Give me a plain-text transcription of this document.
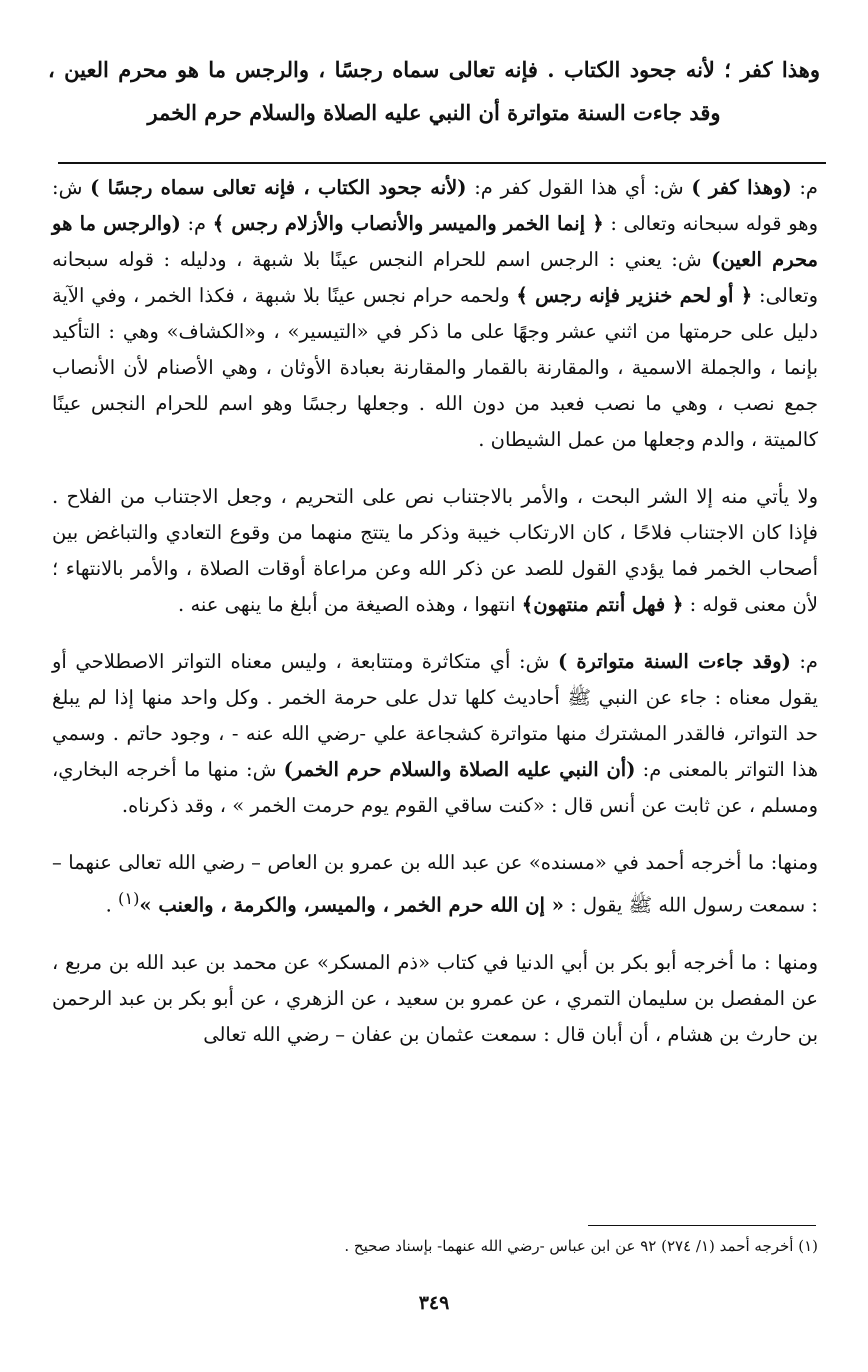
وهذا كفر ؛ لأنه جحود الكتاب . فإنه تعالى سماه رجسًا ، والرجس ما هو محرم العين ، وقد جاءت السنة متواترة أن النبي عليه الصلاة والسلام حرم الخمر

م: (وهذا كفر ) ش: أي هذا القول كفر م: (لأنه جحود الكتاب ، فإنه تعالى سماه رجسًا ) ش: وهو قوله سبحانه وتعالى : ﴿ إنما الخمر والميسر والأنصاب والأزلام رجس ﴾ م: (والرجس ما هو محرم العين) ش: يعني : الرجس اسم للحرام النجس عينًا بلا شبهة ، ودليله : قوله سبحانه وتعالى: ﴿ أو لحم خنزير فإنه رجس ﴾ ولحمه حرام نجس عينًا بلا شبهة ، فكذا الخمر ، وفي الآية دليل على حرمتها من اثني عشر وجهًا على ما ذكر في «التيسير» ، و«الكشاف» وهي : التأكيد بإنما ، والجملة الاسمية ، والمقارنة بالقمار والمقارنة بعبادة الأوثان ، وهي الأصنام لأن الأنصاب جمع نصب ، وهي ما نصب فعبد من دون الله . وجعلها رجسًا وهو اسم للحرام النجس عينًا كالميتة ، والدم وجعلها من عمل الشيطان .

ولا يأتي منه إلا الشر البحت ، والأمر بالاجتناب نص على التحريم ، وجعل الاجتناب من الفلاح . فإذا كان الاجتناب فلاحًا ، كان الارتكاب خيبة وذكر ما يتتج منهما من وقوع التعادي والتباغض بين أصحاب الخمر فما يؤدي القول للصد عن ذكر الله وعن مراعاة أوقات الصلاة ، والأمر بالانتهاء ؛ لأن معنى قوله : ﴿ فهل أنتم منتهون﴾ انتهوا ، وهذه الصيغة من أبلغ ما ينهى عنه .

م: (وقد جاءت السنة متواترة ) ش: أي متكاثرة ومتتابعة ، وليس معناه التواتر الاصطلاحي أو يقول معناه : جاء عن النبي ﷺ أحاديث كلها تدل على حرمة الخمر . وكل واحد منها إذا لم يبلغ حد التواتر، فالقدر المشترك منها متواترة كشجاعة علي -رضي الله عنه - ، وجود حاتم . وسمي هذا التواتر بالمعنى م: (أن النبي عليه الصلاة والسلام حرم الخمر) ش: منها ما أخرجه البخاري، ومسلم ، عن ثابت عن أنس قال : «كنت ساقي القوم يوم حرمت الخمر » ، وقد ذكرناه.

ومنها: ما أخرجه أحمد في «مسنده» عن عبد الله بن عمرو بن العاص – رضي الله تعالى عنهما – : سمعت رسول الله ﷺ يقول : « إن الله حرم الخمر ، والميسر، والكرمة ، والعنب »$^{(١)}$ .

ومنها : ما أخرجه أبو بكر بن أبي الدنيا في كتاب «ذم المسكر» عن محمد بن عبد الله بن مربع ، عن المفصل بن سليمان التمري ، عن عمرو بن سعيد ، عن الزهري ، عن أبو بكر بن عبد الرحمن بن حارث بن هشام ، أن أبان قال : سمعت عثمان بن عفان – رضي الله تعالى

(١) أخرجه أحمد (١/ ٢٧٤) ٩٢ عن ابن عباس -رضي الله عنهما- بإسناد صحيح .
٣٤٩
